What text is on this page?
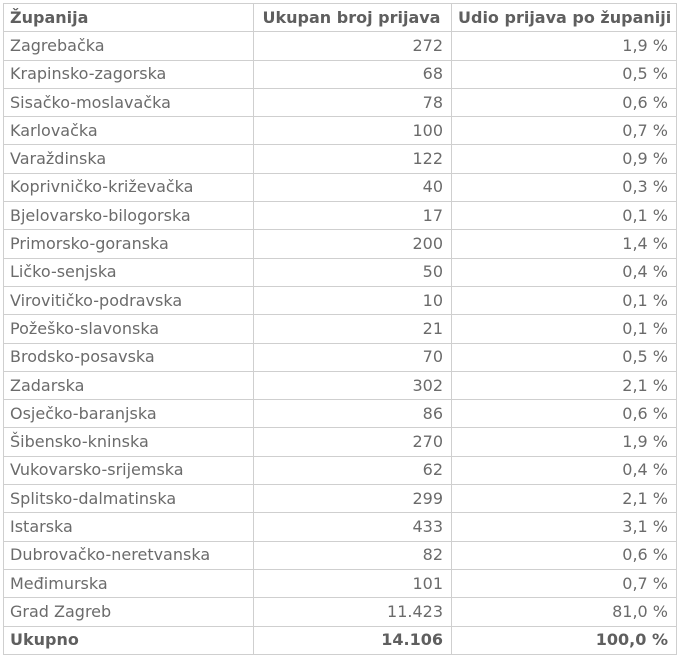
Županija	Ukupan broj prijava	Udio prijava po županiji
Zagrebačka	272	1,9 %
Krapinsko-zagorska	68	0,5 %
Sisačko-moslavačka	78	0,6 %
Karlovačka	100	0,7 %
Varaždinska	122	0,9 %
Koprivničko-križevačka	40	0,3 %
Bjelovarsko-bilogorska	17	0,1 %
Primorsko-goranska	200	1,4 %
Ličko-senjska	50	0,4 %
Virovitičko-podravska	10	0,1 %
Požeško-slavonska	21	0,1 %
Brodsko-posavska	70	0,5 %
Zadarska	302	2,1 %
Osječko-baranjska	86	0,6 %
Šibensko-kninska	270	1,9 %
Vukovarsko-srijemska	62	0,4 %
Splitsko-dalmatinska	299	2,1 %
Istarska	433	3,1 %
Dubrovačko-neretvanska	82	0,6 %
Međimurska	101	0,7 %
Grad Zagreb	11.423	81,0 %
Ukupno	14.106	100,0 %
